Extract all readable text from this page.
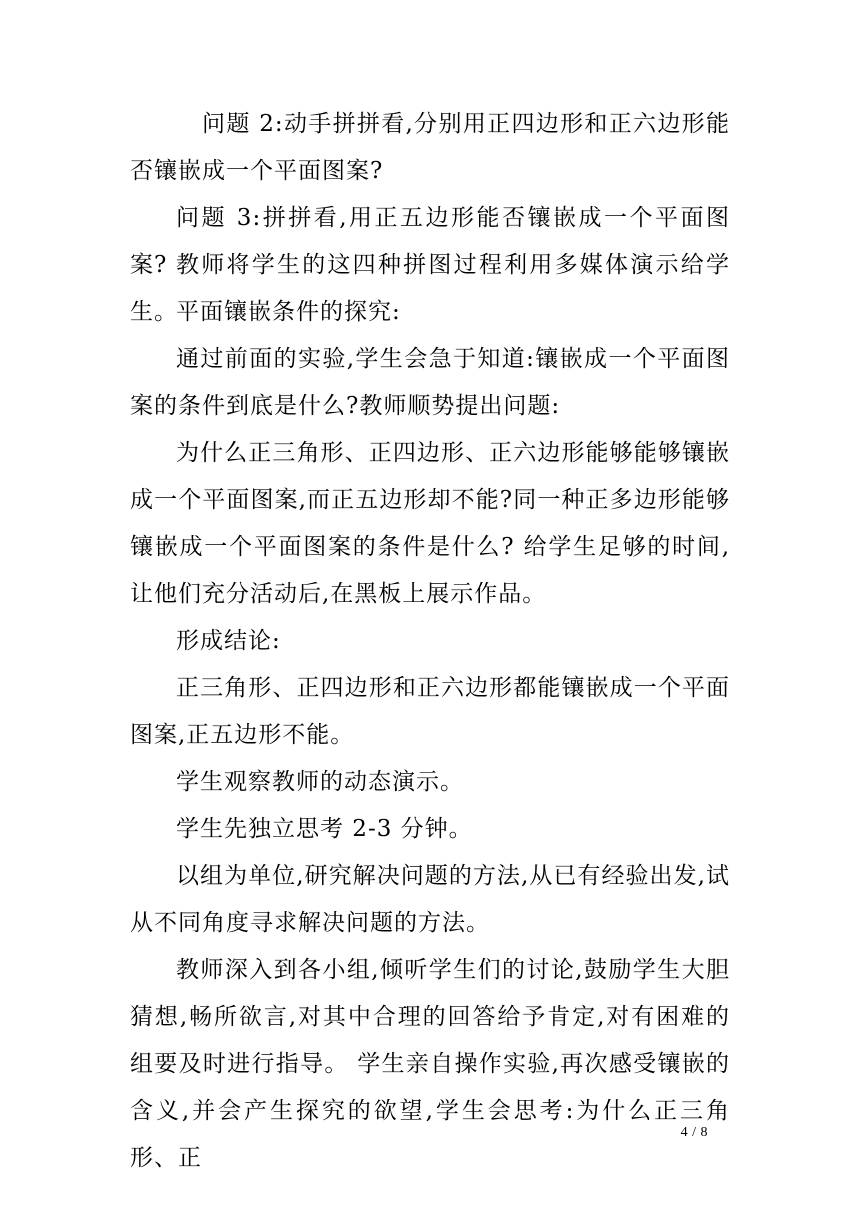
问题 2:动手拼拼看,分别用正四边形和正六边形能否镶嵌成一个平面图案?

问题 3:拼拼看,用正五边形能否镶嵌成一个平面图案? 教师将学生的这四种拼图过程利用多媒体演示给学生。

平面镶嵌条件的探究:

通过前面的实验,学生会急于知道:镶嵌成一个平面图案的条件到底是什么?教师顺势提出问题:

为什么正三角形、正四边形、正六边形能够能够镶嵌成一个平面图案,而正五边形却不能?同一种正多边形能够镶嵌成一个平面图案的条件是什么? 给学生足够的时间,让他们充分活动后,在黑板上展示作品。

形成结论:

正三角形、正四边形和正六边形都能镶嵌成一个平面图案,正五边形不能。

学生观察教师的动态演示。

学生先独立思考 2-3 分钟。

以组为单位,研究解决问题的方法,从已有经验出发,试从不同角度寻求解决问题的方法。

教师深入到各小组,倾听学生们的讨论,鼓励学生大胆猜想,畅所欲言,对其中合理的回答给予肯定,对有困难的组要及时进行指导。 学生亲自操作实验,再次感受镶嵌的含义,并会产生探究的欲望,学生会思考:为什么正三角形、正

4 / 8
